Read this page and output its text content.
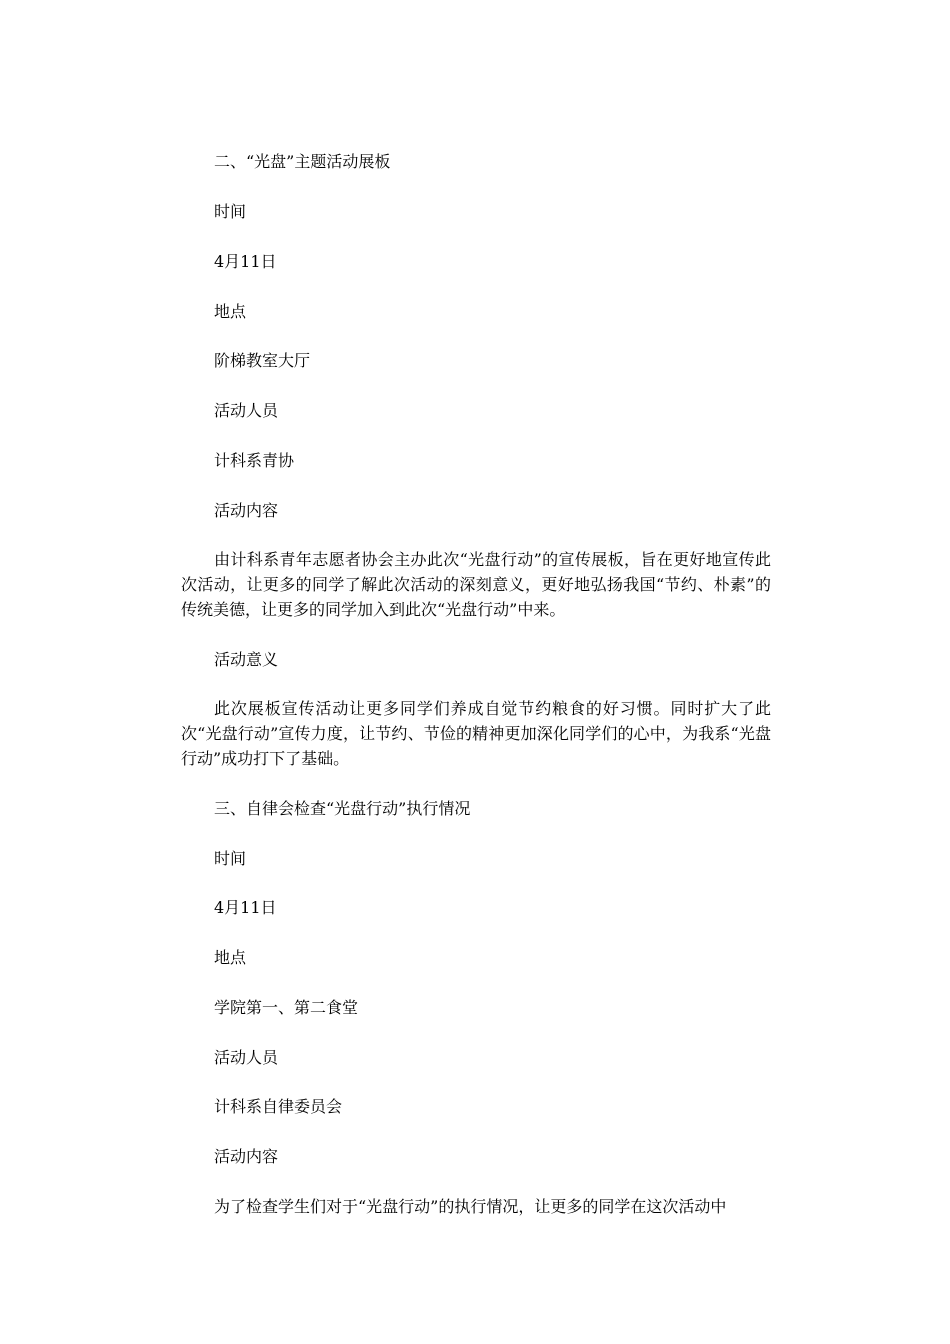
二、“光盘”主题活动展板
时间
4月11日
地点
阶梯教室大厅
活动人员
计科系青协
活动内容
由计科系青年志愿者协会主办此次“光盘行动”的宣传展板，旨在更好地宣传此次活动，让更多的同学了解此次活动的深刻意义，更好地弘扬我国“节约、朴素”的传统美德，让更多的同学加入到此次“光盘行动”中来。
活动意义
此次展板宣传活动让更多同学们养成自觉节约粮食的好习惯。同时扩大了此次“光盘行动”宣传力度，让节约、节俭的精神更加深化同学们的心中，为我系“光盘行动”成功打下了基础。
三、自律会检查“光盘行动”执行情况
时间
4月11日
地点
学院第一、第二食堂
活动人员
计科系自律委员会
活动内容
为了检查学生们对于“光盘行动”的执行情况，让更多的同学在这次活动中
